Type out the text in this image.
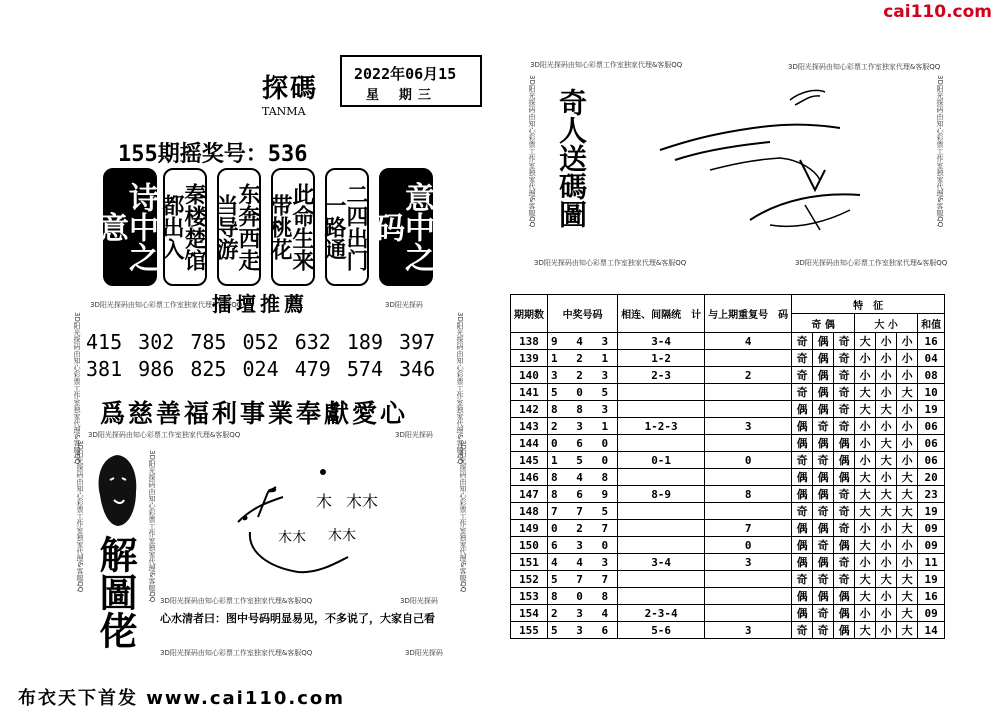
cai110.com
探碼
TANMA
2022年06月15
星 期三
155期摇奖号：536
诗中之意	秦楼楚馆都出入	东奔西走当导游	此命生来带桃花	二四出门一路通	意中之码
3D阳光探码由知心彩票工作室独家代理&客服QQ	3D阳光探码由知心彩票工作室独家代理&客服QQ
3D阳光探码由知心彩票工作室独家代理&客服QQ	3D阳光探码
擂壇推薦
415 302 785 052 632 189 397
381 986 825 024 479 574 346
爲慈善福利事業奉獻愛心
3D阳光探码由知心彩票工作室独家代理&客服QQ	3D阳光探码
3D阳光探码由知心彩票工作室独家代理&客服QQ	3D阳光探码由知心彩票工作室独家代理&客服QQ	3D阳光探码由知心彩票工作室独家代理&客服QQ
解圖佬
木 木木
木木 木木
3D阳光探码由知心彩票工作室独家代理&客服QQ	3D阳光探码
心水清者曰：图中号码明显易见，不多说了，大家自己看
3D阳光探码由知心彩票工作室独家代理&客服QQ	3D阳光探码
布衣天下首发 www.cai110.com
3D阳光探码由知心彩票工作室独家代理&客服QQ	3D阳光探码由知心彩票工作室独家代理&客服QQ
3D阳光探码由知心彩票工作室独家代理&客服QQ	3D阳光探码由知心彩票工作室独家代理&客服QQ
奇人送碼圖
3D阳光探码由知心彩票工作室独家代理&客服QQ	3D阳光探码由知心彩票工作室独家代理&客服QQ
期期数	中奖号码	相连、间隔统　计	与上期重复号　码	特　征						
				奇 偶			大 小			和值
138	9 4 3	3-4	4	奇	偶	奇	大	小	小	16
139	1 2 1	1-2		奇	偶	奇	小	小	小	04
140	3 2 3	2-3	2	奇	偶	奇	小	小	小	08
141	5 0 5			奇	偶	奇	大	小	大	10
142	8 8 3			偶	偶	奇	大	大	小	19
143	2 3 1	1-2-3	3	偶	奇	奇	小	小	小	06
144	0 6 0			偶	偶	偶	小	大	小	06
145	1 5 0	0-1	0	奇	奇	偶	小	大	小	06
146	8 4 8			偶	偶	偶	大	小	大	20
147	8 6 9	8-9	8	偶	偶	奇	大	大	大	23
148	7 7 5			奇	奇	奇	大	大	大	19
149	0 2 7		7	偶	偶	奇	小	小	大	09
150	6 3 0		0	偶	奇	偶	大	小	小	09
151	4 4 3	3-4	3	偶	偶	奇	小	小	小	11
152	5 7 7			奇	奇	奇	大	大	大	19
153	8 0 8			偶	偶	偶	大	小	大	16
154	2 3 4	2-3-4		偶	奇	偶	小	小	大	09
155	5 3 6	5-6	3	奇	奇	偶	大	小	大	14
